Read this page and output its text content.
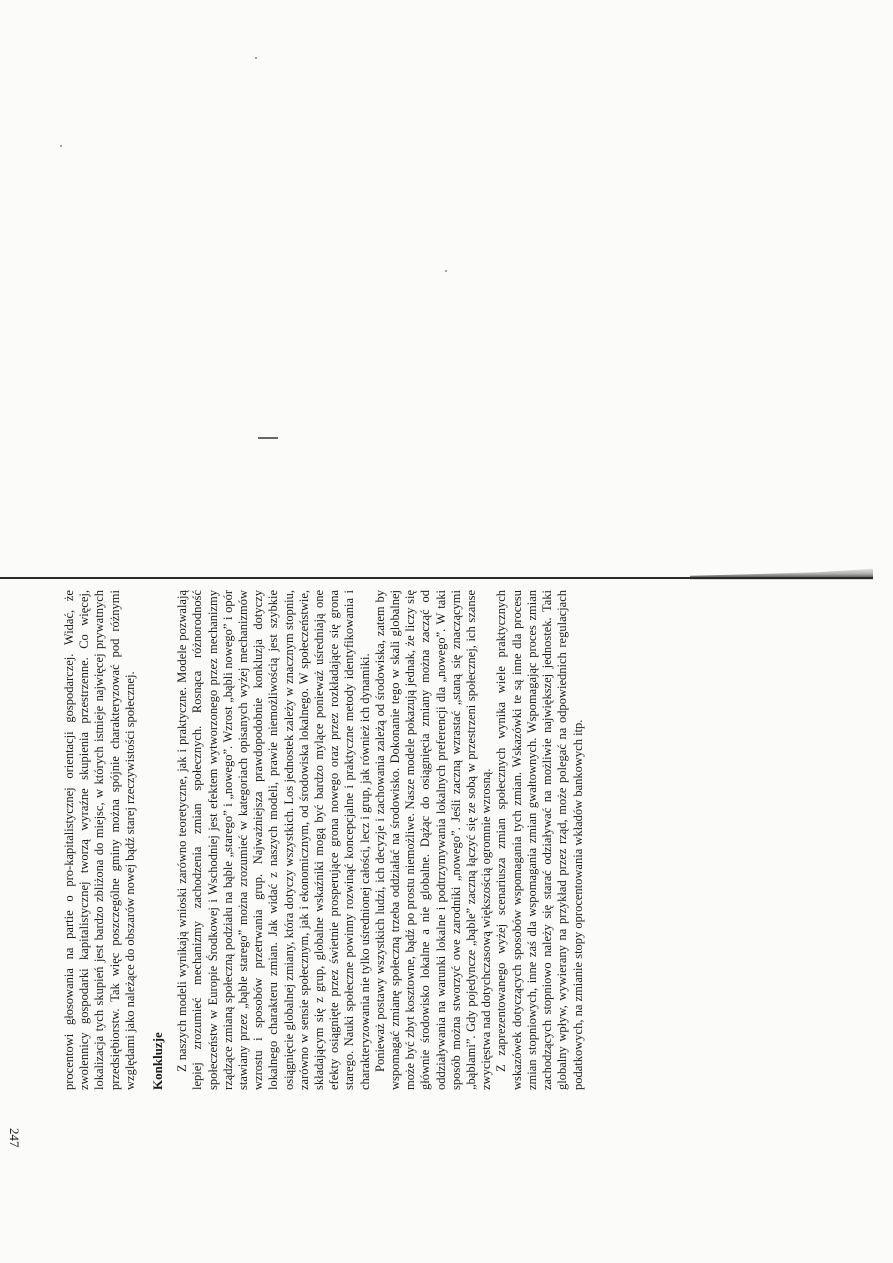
procentowi głosowania na partie o pro-kapitalistycznej orientacji gospodarczej. Widać, że zwolennicy gospodarki kapitalistycznej tworzą wyraźne skupienia przestrzenne. Co więcej, lokalizacja tych skupień jest bardzo zbliżona do miejsc, w których istnieje najwięcej prywatnych przedsiębiorstw. Tak więc poszczególne gminy można spójnie charakteryzować pod różnymi względami jako należące do obszarów nowej bądź starej rzeczywistości społecznej. Konkluzje Z naszych modeli wynikają wnioski zarówno teoretyczne, jak i praktyczne. Modele pozwalają lepiej zrozumieć mechanizmy zachodzenia zmian społecznych. Rosnąca różnorodność społeczeństw w Europie Środkowej i Wschodniej jest efektem wytworzonego przez mechanizmy rządzące zmianą społeczną podziału na bąble „starego” i „nowego”. Wzrost „bąbli nowego” i opór stawiany przez „bąble starego” można zrozumieć w kategoriach opisanych wyżej mechanizmów wzrostu i sposobów przetrwania grup. Najważniejsza prawdopodobnie konkluzja dotyczy lokalnego charakteru zmian. Jak widać z naszych modeli, prawie niemożliwością jest szybkie osiągnięcie globalnej zmiany, która dotyczy wszystkich. Los jednostek zależy w znacznym stopniu, zarówno w sensie społecznym, jak i ekonomicznym, od środowiska lokalnego. W społeczeństwie, składającym się z grup, globalne wskaźniki mogą być bardzo mylące ponieważ uśredniają one efekty osiągnięte przez świetnie prosperujące grona nowego oraz przez rozkładające się grona starego. Nauki społeczne powinny rozwinąć koncepcjalne i praktyczne metody identyfikowania i charakteryzowania nie tylko uśrednionej całości, lecz i grup, jak również ich dynamiki. Ponieważ postawy wszystkich ludzi, ich decyzje i zachowania zależą od środowiska, zatem by wspomagać zmianę społeczną trzeba oddziałać na środowisko. Dokonanie tego w skali globalnej może być zbyt kosztowne, bądź po prostu niemożliwe. Nasze modele pokazują jednak, że liczy się głównie środowisko lokalne a nie globalne. Dążąc do osiągnięcia zmiany można zacząć od oddziaływania na warunki lokalne i podtrzymywania lokalnych preferencji dla „nowego”. W taki sposób można stworzyć owe zarodniki „nowego”. Jeśli zaczną wzrastać „staną się znaczącymi „bąblami”. Gdy pojedyncze „bąble” zaczną łączyć się ze sobą w przestrzeni społecznej, ich szanse zwycięstwa nad dotychczasową większością ogromnie wzrosną. Z zaprezentowanego wyżej scenariusza zmian społecznych wynika wiele praktycznych wskazówek dotyczących sposobów wspomagania tych zmian. Wskazówki te są inne dla procesu zmian stopniowych, inne zaś dla wspomagania zmian gwałtownych. Wspomagając proces zmian zachodzących stopniowo należy się starać odziaływać na możliwie największej jednostek. Taki globalny wpływ, wywierany na przykład przez rząd, może polegać na odpowiednich regulacjach podatkowych, na zmianie stopy oprocentowania wkładów bankowych itp.

247
